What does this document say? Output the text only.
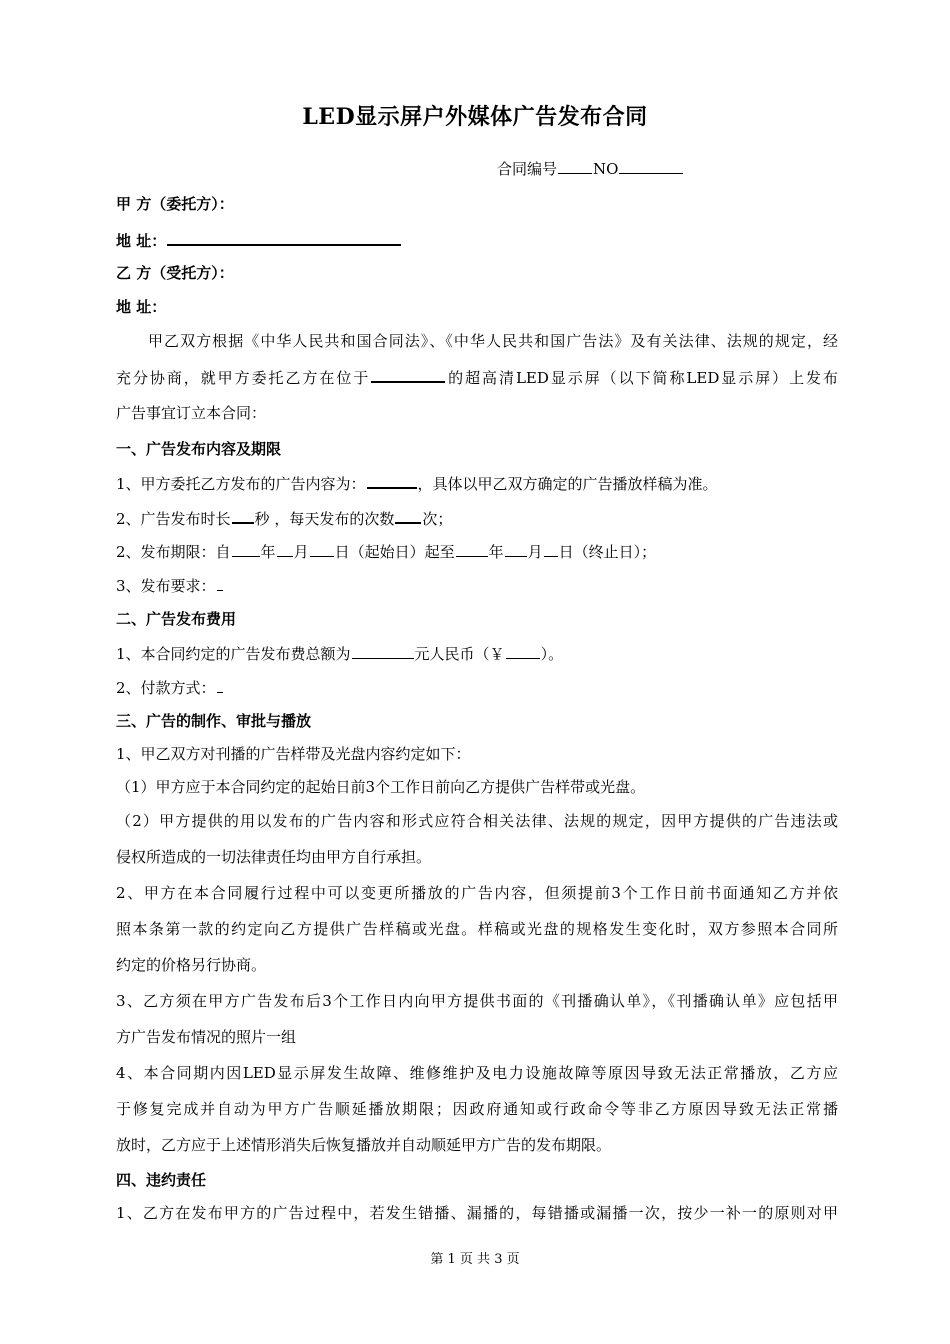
LED显示屏户外媒体广告发布合同
合同编号 NO
甲 方（委托方）：
地 址：
乙 方（受托方）：
地 址：
甲乙双方根据《中华人民共和国合同法》、《中华人民共和国广告法》及有关法律、法规的规定，经
充分协商，就甲方委托乙方在位于	的超高清LED显示屏（以下简称LED显示屏）上发布
广告事宜订立本合同：
一、广告发布内容及期限
1、甲方委托乙方发布的广告内容为：	，具体以甲乙双方确定的广告播放样稿为准。
2、广告发布时长 秒 ，每天发布的次数 次；
2、发布期限：自 年 月 日（起始日）起至 年 月 日（终止日）；
3、发布要求：
二、广告发布费用
1、本合同约定的广告发布费总额为	元人民币（￥ ）。
2、付款方式：
三、广告的制作、审批与播放
1、甲乙双方对刊播的广告样带及光盘内容约定如下：
（1）甲方应于本合同约定的起始日前3个工作日前向乙方提供广告样带或光盘。
（2）甲方提供的用以发布的广告内容和形式应符合相关法律、法规的规定，因甲方提供的广告违法或
侵权所造成的一切法律责任均由甲方自行承担。
2、甲方在本合同履行过程中可以变更所播放的广告内容，但须提前3个工作日前书面通知乙方并依
照本条第一款的约定向乙方提供广告样稿或光盘。样稿或光盘的规格发生变化时，双方参照本合同所
约定的价格另行协商。
3、乙方须在甲方广告发布后3个工作日内向甲方提供书面的《刊播确认单》，《刊播确认单》应包括甲
方广告发布情况的照片一组
4、本合同期内因LED显示屏发生故障、维修维护及电力设施故障等原因导致无法正常播放，乙方应
于修复完成并自动为甲方广告顺延播放期限；因政府通知或行政命令等非乙方原因导致无法正常播
放时，乙方应于上述情形消失后恢复播放并自动顺延甲方广告的发布期限。
四、违约责任
1、乙方在发布甲方的广告过程中，若发生错播、漏播的，每错播或漏播一次，按少一补一的原则对甲
第 1 页 共 3 页
